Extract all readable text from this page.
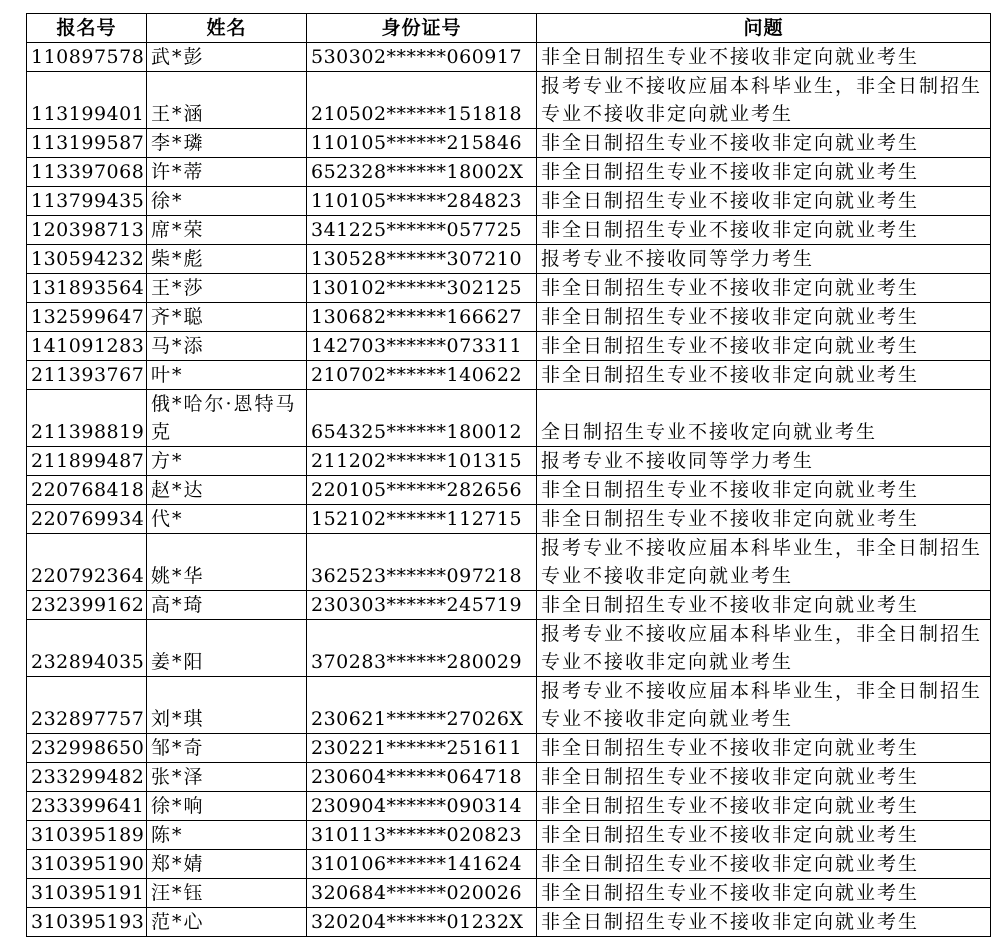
报名号	姓名	身份证号	问题
110897578	武*彭	530302******060917	非全日制招生专业不接收非定向就业考生
113199401	王*涵	210502******151818	报考专业不接收应届本科毕业生，非全日制招生专业不接收非定向就业考生
113199587	李*璘	110105******215846	非全日制招生专业不接收非定向就业考生
113397068	许*蒂	652328******18002X	非全日制招生专业不接收非定向就业考生
113799435	徐*	110105******284823	非全日制招生专业不接收非定向就业考生
120398713	席*荣	341225******057725	非全日制招生专业不接收非定向就业考生
130594232	柴*彪	130528******307210	报考专业不接收同等学力考生
131893564	王*莎	130102******302125	非全日制招生专业不接收非定向就业考生
132599647	齐*聪	130682******166627	非全日制招生专业不接收非定向就业考生
141091283	马*添	142703******073311	非全日制招生专业不接收非定向就业考生
211393767	叶*	210702******140622	非全日制招生专业不接收非定向就业考生
211398819	俄*哈尔·恩特马克	654325******180012	全日制招生专业不接收定向就业考生
211899487	方*	211202******101315	报考专业不接收同等学力考生
220768418	赵*达	220105******282656	非全日制招生专业不接收非定向就业考生
220769934	代*	152102******112715	非全日制招生专业不接收非定向就业考生
220792364	姚*华	362523******097218	报考专业不接收应届本科毕业生，非全日制招生专业不接收非定向就业考生
232399162	高*琦	230303******245719	非全日制招生专业不接收非定向就业考生
232894035	姜*阳	370283******280029	报考专业不接收应届本科毕业生，非全日制招生专业不接收非定向就业考生
232897757	刘*琪	230621******27026X	报考专业不接收应届本科毕业生，非全日制招生专业不接收非定向就业考生
232998650	邹*奇	230221******251611	非全日制招生专业不接收非定向就业考生
233299482	张*泽	230604******064718	非全日制招生专业不接收非定向就业考生
233399641	徐*响	230904******090314	非全日制招生专业不接收非定向就业考生
310395189	陈*	310113******020823	非全日制招生专业不接收非定向就业考生
310395190	郑*婧	310106******141624	非全日制招生专业不接收非定向就业考生
310395191	汪*钰	320684******020026	非全日制招生专业不接收非定向就业考生
310395193	范*心	320204******01232X	非全日制招生专业不接收非定向就业考生
